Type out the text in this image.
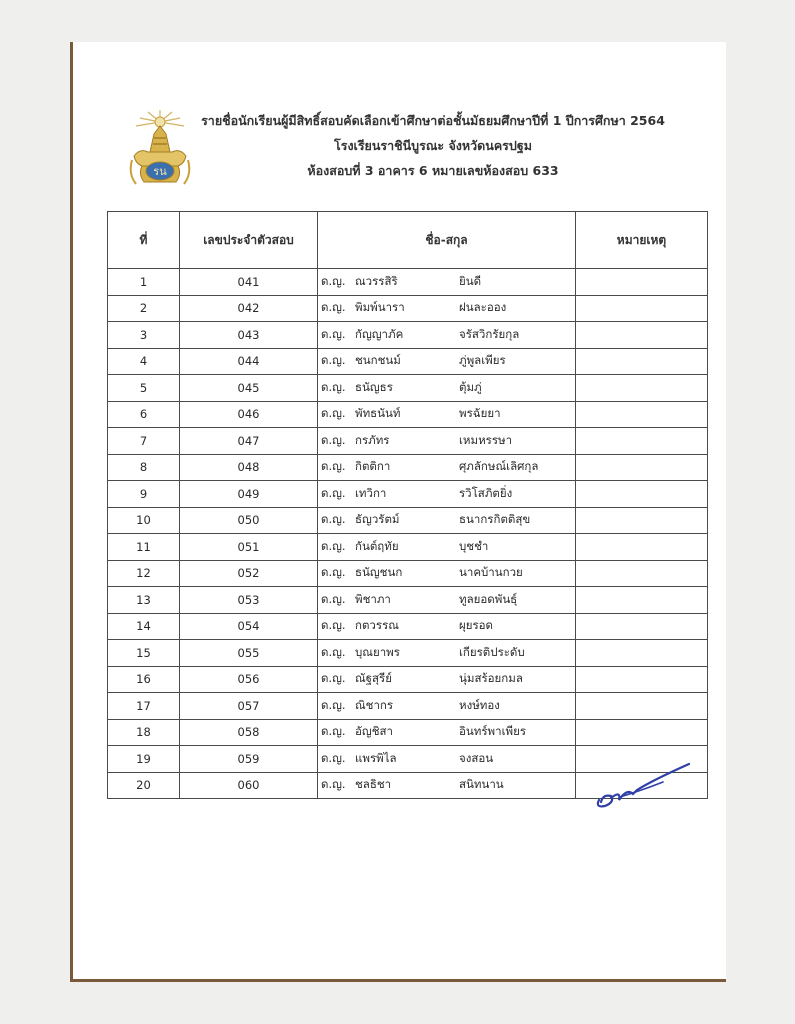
รน
รายชื่อนักเรียนผู้มีสิทธิ์สอบคัดเลือกเข้าศึกษาต่อชั้นมัธยมศึกษาปีที่ 1 ปีการศึกษา 2564
โรงเรียนราชินีบูรณะ จังหวัดนครปฐม
ห้องสอบที่ 3 อาคาร 6 หมายเลขห้องสอบ 633
ที่	เลขประจำตัวสอบ	ชื่อ-สกุล	หมายเหตุ
1	041	ด.ญ. ณวรรสิริ ยินดี	

2	042	ด.ญ. พิมพ์นารา ฝนละออง	

3	043	ด.ญ. กัญญาภัค จรัสวิกรัยกุล	

4	044	ด.ญ. ชนกชนม์ ภู่พูลเพียร	

5	045	ด.ญ. ธนัญธร ตุ้มภู่	

6	046	ด.ญ. พัทธนันท์ พรฉัยยา	

7	047	ด.ญ. กรภัทร เหมหรรษา	

8	048	ด.ญ. กิตติกา ศุภลักษณ์เลิศกุล	

9	049	ด.ญ. เทวิกา รวิโสภิตยิ่ง	

10	050	ด.ญ. ธัญวรัตม์ ธนากรกิตติสุข	

11	051	ด.ญ. กันต์ฤทัย บุชชำ	

12	052	ด.ญ. ธนัญชนก นาคบ้านกวย	

13	053	ด.ญ. พิชาภา ทูลยอดพันธุ์	

14	054	ด.ญ. กตวรรณ ผุยรอด	

15	055	ด.ญ. บุณยาพร เกียรติประดับ	

16	056	ด.ญ. ณัฐสุรีย์ นุ่มสร้อยกมล	

17	057	ด.ญ. ณิชากร หงษ์ทอง	

18	058	ด.ญ. อัญชิสา อินทร์พาเพียร	

19	059	ด.ญ. แพรพิไล จงสอน	

20	060	ด.ญ. ชลธิชา สนิทนาน	
